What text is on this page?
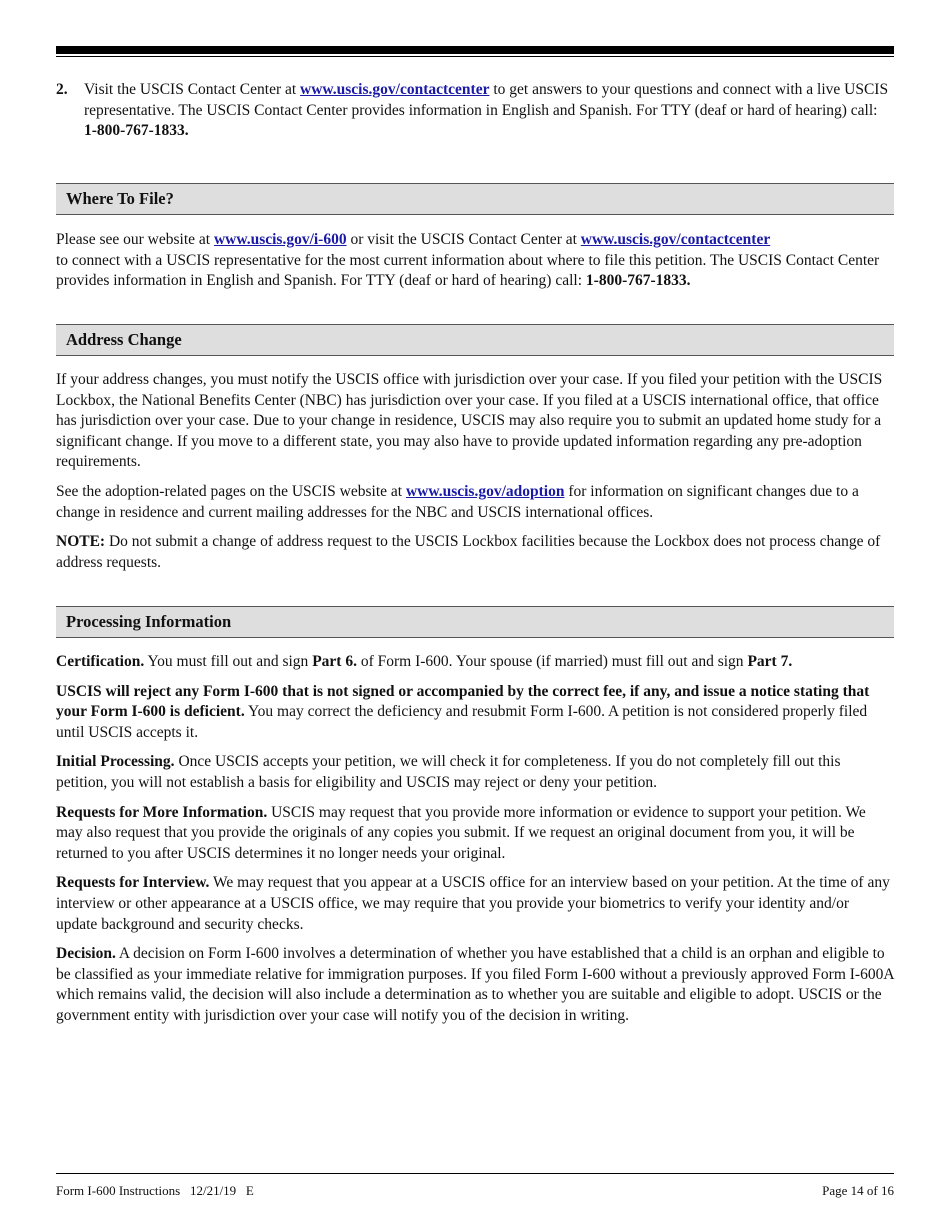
2.	Visit the USCIS Contact Center at www.uscis.gov/contactcenter to get answers to your questions and connect with a live USCIS representative. The USCIS Contact Center provides information in English and Spanish. For TTY (deaf or hard of hearing) call: 1-800-767-1833.

Where To File?

Please see our website at www.uscis.gov/i-600 or visit the USCIS Contact Center at www.uscis.gov/contactcenter
to connect with a USCIS representative for the most current information about where to file this petition. The USCIS Contact Center provides information in English and Spanish. For TTY (deaf or hard of hearing) call: 1-800-767-1833.

Address Change

If your address changes, you must notify the USCIS office with jurisdiction over your case. If you filed your petition with the USCIS Lockbox, the National Benefits Center (NBC) has jurisdiction over your case. If you filed at a USCIS international office, that office has jurisdiction over your case. Due to your change in residence, USCIS may also require you to submit an updated home study for a significant change. If you move to a different state, you may also have to provide updated information regarding any pre-adoption requirements.

See the adoption-related pages on the USCIS website at www.uscis.gov/adoption for information on significant changes due to a change in residence and current mailing addresses for the NBC and USCIS international offices.

NOTE: Do not submit a change of address request to the USCIS Lockbox facilities because the Lockbox does not process change of address requests.

Processing Information

Certification. You must fill out and sign Part 6. of Form I-600. Your spouse (if married) must fill out and sign Part 7.

USCIS will reject any Form I-600 that is not signed or accompanied by the correct fee, if any, and issue a notice stating that your Form I-600 is deficient. You may correct the deficiency and resubmit Form I-600. A petition is not considered properly filed until USCIS accepts it.

Initial Processing. Once USCIS accepts your petition, we will check it for completeness. If you do not completely fill out this petition, you will not establish a basis for eligibility and USCIS may reject or deny your petition.

Requests for More Information. USCIS may request that you provide more information or evidence to support your petition. We may also request that you provide the originals of any copies you submit. If we request an original document from you, it will be returned to you after USCIS determines it no longer needs your original.

Requests for Interview. We may request that you appear at a USCIS office for an interview based on your petition. At the time of any interview or other appearance at a USCIS office, we may require that you provide your biometrics to verify your identity and/or update background and security checks.

Decision. A decision on Form I-600 involves a determination of whether you have established that a child is an orphan and eligible to be classified as your immediate relative for immigration purposes. If you filed Form I-600 without a previously approved Form I-600A which remains valid, the decision will also include a determination as to whether you are suitable and eligible to adopt. USCIS or the government entity with jurisdiction over your case will notify you of the decision in writing.

Form I-600 Instructions   12/21/19   E	Page 14 of 16
